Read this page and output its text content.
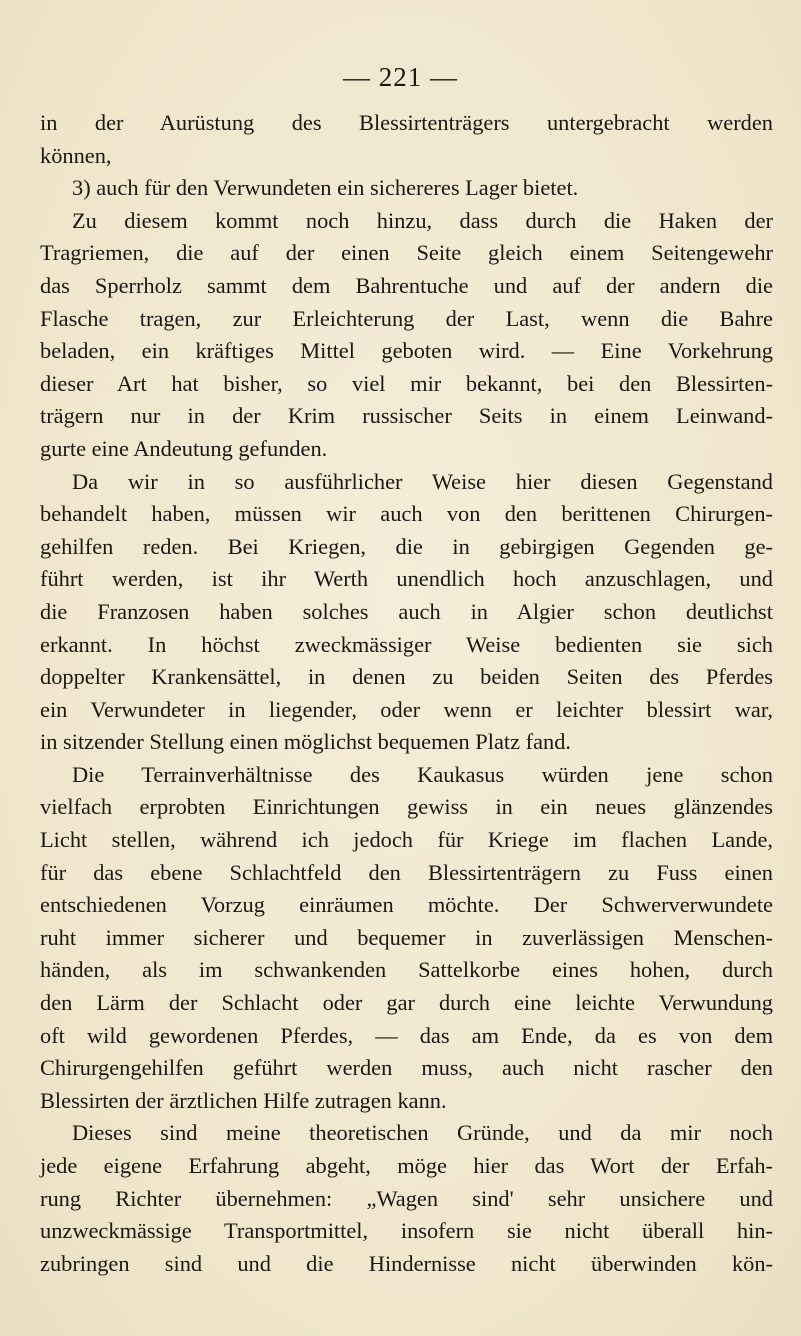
— 221 —
in der Aurüstung des Blessirtenträgers untergebracht werden
können,
3) auch für den Verwundeten ein sichereres Lager bietet.
Zu diesem kommt noch hinzu, dass durch die Haken der
Tragriemen, die auf der einen Seite gleich einem Seitengewehr
das Sperrholz sammt dem Bahrentuche und auf der andern die
Flasche tragen, zur Erleichterung der Last, wenn die Bahre
beladen, ein kräftiges Mittel geboten wird. — Eine Vorkehrung
dieser Art hat bisher, so viel mir bekannt, bei den Blessirten-
trägern nur in der Krim russischer Seits in einem Leinwand-
gurte eine Andeutung gefunden.
Da wir in so ausführlicher Weise hier diesen Gegenstand
behandelt haben, müssen wir auch von den berittenen Chirurgen-
gehilfen reden. Bei Kriegen, die in gebirgigen Gegenden ge-
führt werden, ist ihr Werth unendlich hoch anzuschlagen, und
die Franzosen haben solches auch in Algier schon deutlichst
erkannt. In höchst zweckmässiger Weise bedienten sie sich
doppelter Krankensättel, in denen zu beiden Seiten des Pferdes
ein Verwundeter in liegender, oder wenn er leichter blessirt war,
in sitzender Stellung einen möglichst bequemen Platz fand.
Die Terrainverhältnisse des Kaukasus würden jene schon
vielfach erprobten Einrichtungen gewiss in ein neues glänzendes
Licht stellen, während ich jedoch für Kriege im flachen Lande,
für das ebene Schlachtfeld den Blessirtenträgern zu Fuss einen
entschiedenen Vorzug einräumen möchte. Der Schwerverwundete
ruht immer sicherer und bequemer in zuverlässigen Menschen-
händen, als im schwankenden Sattelkorbe eines hohen, durch
den Lärm der Schlacht oder gar durch eine leichte Verwundung
oft wild gewordenen Pferdes, — das am Ende, da es von dem
Chirurgengehilfen geführt werden muss, auch nicht rascher den
Blessirten der ärztlichen Hilfe zutragen kann.
Dieses sind meine theoretischen Gründe, und da mir noch
jede eigene Erfahrung abgeht, möge hier das Wort der Erfah-
rung Richter übernehmen: „Wagen sind' sehr unsichere und
unzweckmässige Transportmittel, insofern sie nicht überall hin-
zubringen sind und die Hindernisse nicht überwinden kön-
